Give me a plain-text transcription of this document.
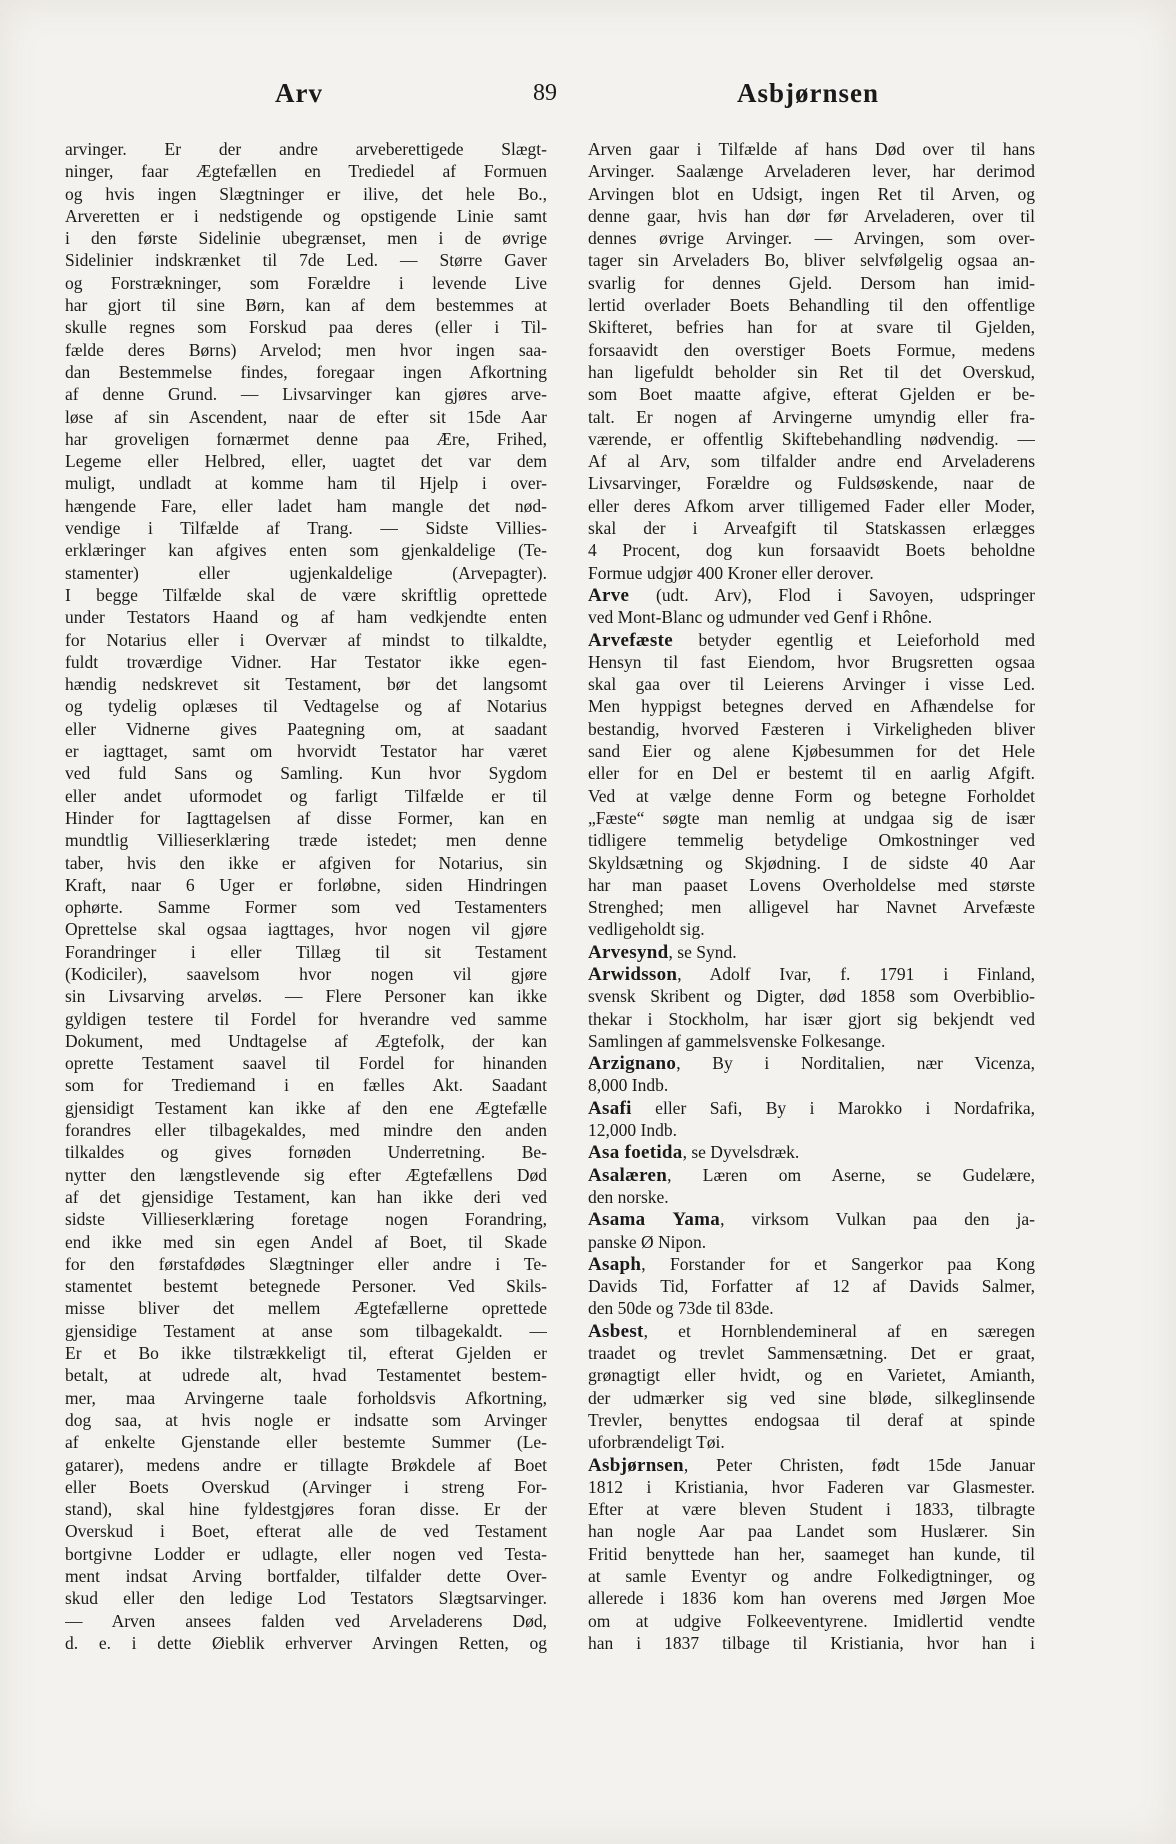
Arv	89	Asbjørnsen
arvinger. Er der andre arveberettigede Slægt-
ninger, faar Ægtefællen en Trediedel af Formuen
og hvis ingen Slægtninger er ilive, det hele Bo.,
Arveretten er i nedstigende og opstigende Linie samt
i den første Sidelinie ubegrænset, men i de øvrige
Sidelinier indskrænket til 7de Led. — Større Gaver
og Forstrækninger, som Forældre i levende Live
har gjort til sine Børn, kan af dem bestemmes at
skulle regnes som Forskud paa deres (eller i Til-
fælde deres Børns) Arvelod; men hvor ingen saa-
dan Bestemmelse findes, foregaar ingen Afkortning
af denne Grund. — Livsarvinger kan gjøres arve-
løse af sin Ascendent, naar de efter sit 15de Aar
har groveligen fornærmet denne paa Ære, Frihed,
Legeme eller Helbred, eller, uagtet det var dem
muligt, undladt at komme ham til Hjelp i over-
hængende Fare, eller ladet ham mangle det nød-
vendige i Tilfælde af Trang. — Sidste Villies-
erklæringer kan afgives enten som gjenkaldelige (Te-
stamenter) eller ugjenkaldelige (Arvepagter).
I begge Tilfælde skal de være skriftlig oprettede
under Testators Haand og af ham vedkjendte enten
for Notarius eller i Overvær af mindst to tilkaldte,
fuldt troværdige Vidner. Har Testator ikke egen-
hændig nedskrevet sit Testament, bør det langsomt
og tydelig oplæses til Vedtagelse og af Notarius
eller Vidnerne gives Paategning om, at saadant
er iagttaget, samt om hvorvidt Testator har været
ved fuld Sans og Samling. Kun hvor Sygdom
eller andet uformodet og farligt Tilfælde er til
Hinder for Iagttagelsen af disse Former, kan en
mundtlig Villieserklæring træde istedet; men denne
taber, hvis den ikke er afgiven for Notarius, sin
Kraft, naar 6 Uger er forløbne, siden Hindringen
ophørte. Samme Former som ved Testamenters
Oprettelse skal ogsaa iagttages, hvor nogen vil gjøre
Forandringer i eller Tillæg til sit Testament
(Kodiciler), saavelsom hvor nogen vil gjøre
sin Livsarving arveløs. — Flere Personer kan ikke
gyldigen testere til Fordel for hverandre ved samme
Dokument, med Undtagelse af Ægtefolk, der kan
oprette Testament saavel til Fordel for hinanden
som for Trediemand i en fælles Akt. Saadant
gjensidigt Testament kan ikke af den ene Ægtefælle
forandres eller tilbagekaldes, med mindre den anden
tilkaldes og gives fornøden Underretning. Be-
nytter den længstlevende sig efter Ægtefællens Død
af det gjensidige Testament, kan han ikke deri ved
sidste Villieserklæring foretage nogen Forandring,
end ikke med sin egen Andel af Boet, til Skade
for den førstafdødes Slægtninger eller andre i Te-
stamentet bestemt betegnede Personer. Ved Skils-
misse bliver det mellem Ægtefællerne oprettede
gjensidige Testament at anse som tilbagekaldt. —
Er et Bo ikke tilstrækkeligt til, efterat Gjelden er
betalt, at udrede alt, hvad Testamentet bestem-
mer, maa Arvingerne taale forholdsvis Afkortning,
dog saa, at hvis nogle er indsatte som Arvinger
af enkelte Gjenstande eller bestemte Summer (Le-
gatarer), medens andre er tillagte Brøkdele af Boet
eller Boets Overskud (Arvinger i streng For-
stand), skal hine fyldestgjøres foran disse. Er der
Overskud i Boet, efterat alle de ved Testament
bortgivne Lodder er udlagte, eller nogen ved Testa-
ment indsat Arving bortfalder, tilfalder dette Over-
skud eller den ledige Lod Testators Slægtsarvinger.
— Arven ansees falden ved Arveladerens Død,
d. e. i dette Øieblik erhverver Arvingen Retten, og
Arven gaar i Tilfælde af hans Død over til hans
Arvinger. Saalænge Arveladeren lever, har derimod
Arvingen blot en Udsigt, ingen Ret til Arven, og
denne gaar, hvis han dør før Arveladeren, over til
dennes øvrige Arvinger. — Arvingen, som over-
tager sin Arveladers Bo, bliver selvfølgelig ogsaa an-
svarlig for dennes Gjeld. Dersom han imid-
lertid overlader Boets Behandling til den offentlige
Skifteret, befries han for at svare til Gjelden,
forsaavidt den overstiger Boets Formue, medens
han ligefuldt beholder sin Ret til det Overskud,
som Boet maatte afgive, efterat Gjelden er be-
talt. Er nogen af Arvingerne umyndig eller fra-
værende, er offentlig Skiftebehandling nødvendig. —
Af al Arv, som tilfalder andre end Arveladerens
Livsarvinger, Forældre og Fuldsøskende, naar de
eller deres Afkom arver tilligemed Fader eller Moder,
skal der i Arveafgift til Statskassen erlægges
4 Procent, dog kun forsaavidt Boets beholdne
Formue udgjør 400 Kroner eller derover.
Arve (udt. Arv), Flod i Savoyen, udspringer
ved Mont-Blanc og udmunder ved Genf i Rhône.
Arvefæste betyder egentlig et Leieforhold med
Hensyn til fast Eiendom, hvor Brugsretten ogsaa
skal gaa over til Leierens Arvinger i visse Led.
Men hyppigst betegnes derved en Afhændelse for
bestandig, hvorved Fæsteren i Virkeligheden bliver
sand Eier og alene Kjøbesummen for det Hele
eller for en Del er bestemt til en aarlig Afgift.
Ved at vælge denne Form og betegne Forholdet
„Fæste“ søgte man nemlig at undgaa sig de især
tidligere temmelig betydelige Omkostninger ved
Skyldsætning og Skjødning. I de sidste 40 Aar
har man paaset Lovens Overholdelse med største
Strenghed; men alligevel har Navnet Arvefæste
vedligeholdt sig.
Arvesynd, se Synd.
Arwidsson, Adolf Ivar, f. 1791 i Finland,
svensk Skribent og Digter, død 1858 som Overbiblio-
thekar i Stockholm, har især gjort sig bekjendt ved
Samlingen af gammelsvenske Folkesange.
Arzignano, By i Norditalien, nær Vicenza,
8,000 Indb.
Asafi eller Safi, By i Marokko i Nordafrika,
12,000 Indb.
Asa foetida, se Dyvelsdræk.
Asalæren, Læren om Aserne, se Gudelære,
den norske.
Asama Yama, virksom Vulkan paa den ja-
panske Ø Nipon.
Asaph, Forstander for et Sangerkor paa Kong
Davids Tid, Forfatter af 12 af Davids Salmer,
den 50de og 73de til 83de.
Asbest, et Hornblendemineral af en særegen
traadet og trevlet Sammensætning. Det er graat,
grønagtigt eller hvidt, og en Varietet, Amianth,
der udmærker sig ved sine bløde, silkeglinsende
Trevler, benyttes endogsaa til deraf at spinde
uforbrændeligt Tøi.
Asbjørnsen, Peter Christen, født 15de Januar
1812 i Kristiania, hvor Faderen var Glasmester.
Efter at være bleven Student i 1833, tilbragte
han nogle Aar paa Landet som Huslærer. Sin
Fritid benyttede han her, saameget han kunde, til
at samle Eventyr og andre Folkedigtninger, og
allerede i 1836 kom han overens med Jørgen Moe
om at udgive Folkeeventyrene. Imidlertid vendte
han i 1837 tilbage til Kristiania, hvor han i
